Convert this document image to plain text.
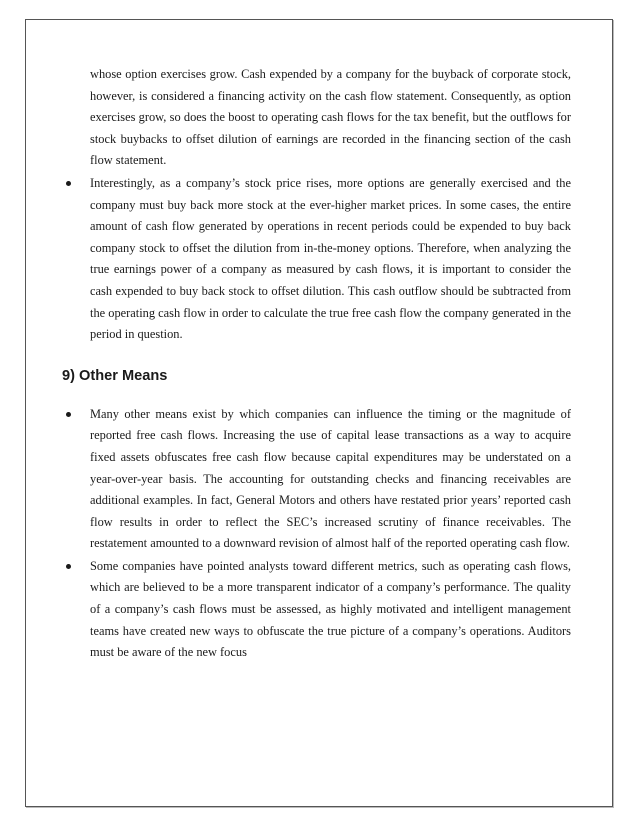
whose option exercises grow. Cash expended by a company for the buyback of corporate stock, however, is considered a financing activity on the cash flow statement. Consequently, as option exercises grow, so does the boost to operating cash flows for the tax benefit, but the outflows for stock buybacks to offset dilution of earnings are recorded in the financing section of the cash flow statement.

Interestingly, as a company’s stock price rises, more options are generally exercised and the company must buy back more stock at the ever-higher market prices. In some cases, the entire amount of cash flow generated by operations in recent periods could be expended to buy back company stock to offset the dilution from in-the-money options. Therefore, when analyzing the true earnings power of a company as measured by cash flows, it is important to consider the cash expended to buy back stock to offset dilution. This cash outflow should be subtracted from the operating cash flow in order to calculate the true free cash flow the company generated in the period in question.
9) Other Means
Many other means exist by which companies can influence the timing or the magnitude of reported free cash flows. Increasing the use of capital lease transactions as a way to acquire fixed assets obfuscates free cash flow because capital expenditures may be understated on a year-over-year basis. The accounting for outstanding checks and financing receivables are additional examples. In fact, General Motors and others have restated prior years’ reported cash flow results in order to reflect the SEC’s increased scrutiny of finance receivables. The restatement amounted to a downward revision of almost half of the reported operating cash flow.
Some companies have pointed analysts toward different metrics, such as operating cash flows, which are believed to be a more transparent indicator of a company’s performance. The quality of a company’s cash flows must be assessed, as highly motivated and intelligent management teams have created new ways to obfuscate the true picture of a company’s operations. Auditors must be aware of the new focus
